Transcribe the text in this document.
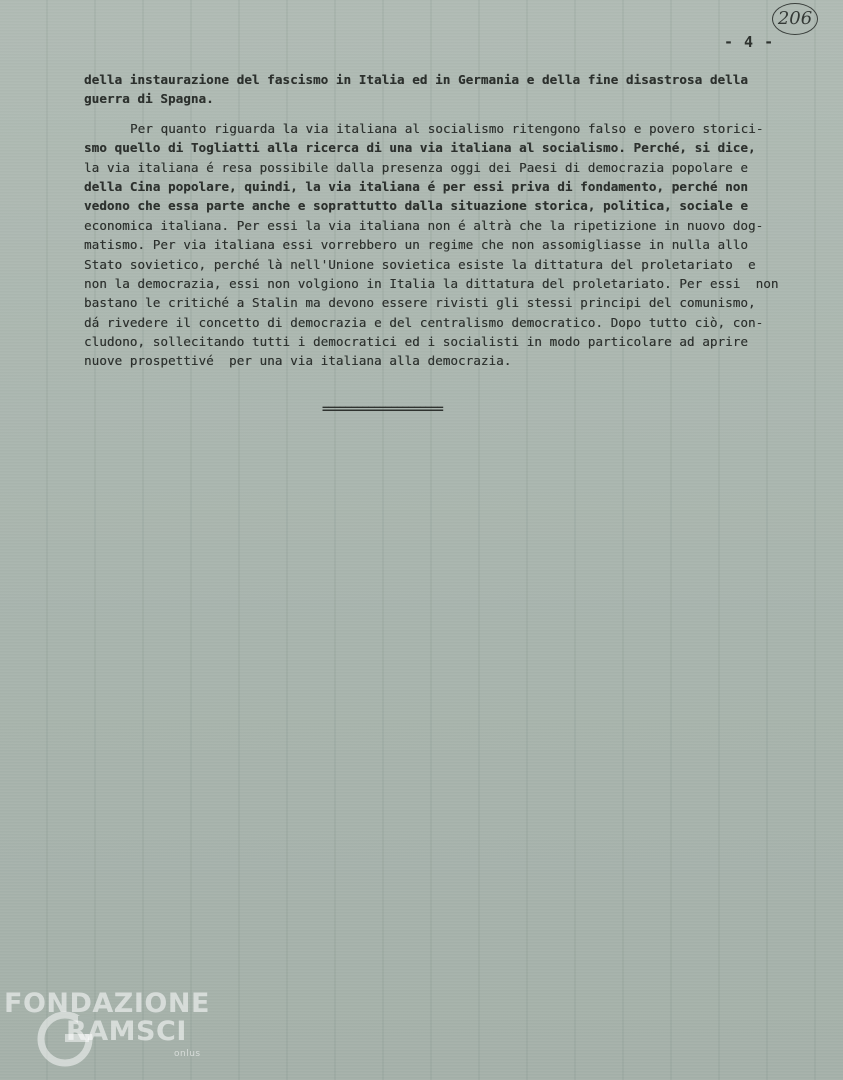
206
- 4 -
della instaurazione del fascismo in Italia ed in Germania e della fine disastrosa della
guerra di Spagna.
Per quanto riguarda la via italiana al socialismo ritengono falso e povero storici-
smo quello di Togliatti alla ricerca di una via italiana al socialismo. Perché, si dice,
la via italiana é resa possibile dalla presenza oggi dei Paesi di democrazia popolare e
della Cina popolare, quindi, la via italiana é per essi priva di fondamento, perché non
vedono che essa parte anche e soprattutto dalla situazione storica, politica, sociale e
economica italiana. Per essi la via italiana non é altrà che la ripetizione in nuovo dog-
matismo. Per via italiana essi vorrebbero un regime che non assomigliasse in nulla allo
Stato sovietico, perché là nell'Unione sovietica esiste la dittatura del proletariato  e
non la democrazia, essi non volgiono in Italia la dittatura del proletariato. Per essi  non
bastano le critiché a Stalin ma devono essere rivisti gli stessi principi del comunismo,
dá rivedere il concetto di democrazia e del centralismo democratico. Dopo tutto ciò, con-
cludono, sollecitando tutti i democratici ed i socialisti in modo particolare ad aprire
nuove prospettivé  per una via italiana alla democrazia.
=====================
FONDAZIONE
RAMSCI
onlus
